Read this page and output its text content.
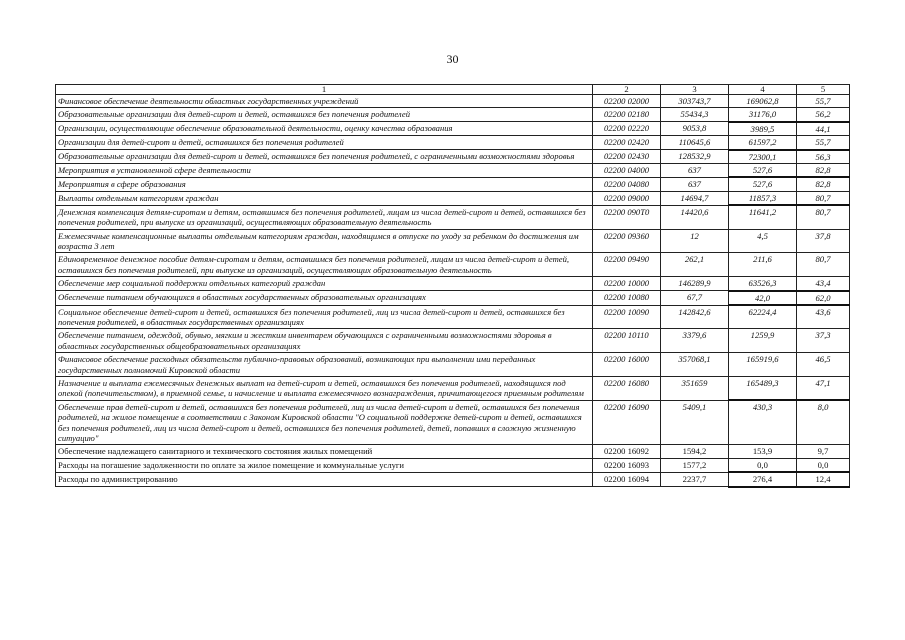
30
1	2	3	4	5
Финансовое обеспечение деятельности областных государственных учреждений	02200 02000	303743,7	169062,8	55,7
Образовательные организации для детей-сирот и детей, оставшихся без попечения родителей	02200 02180	55434,3	31176,0	56,2
Организации, осуществляющие обеспечение образовательной деятельности, оценку качества образования	02200 02220	9053,8	3989,5	44,1
Организации для детей-сирот и детей, оставшихся без попечения родителей	02200 02420	110645,6	61597,2	55,7
Образовательные организации для детей-сирот и детей, оставшихся без попечения родителей, с ограниченными возможностями здоровья	02200 02430	128532,9	72300,1	56,3
Мероприятия в установленной сфере деятельности	02200 04000	637	527,6	82,8
Мероприятия в сфере образования	02200 04080	637	527,6	82,8
Выплаты отдельным категориям граждан	02200 09000	14694,7	11857,3	80,7
Денежная компенсация детям-сиротам и детям, оставшимся без попечения родителей, лицам из числа детей-сирот и детей, оставшихся без попечения родителей, при выпуске из организаций, осуществляющих образовательную деятельность	02200 090Т0	14420,6	11641,2	80,7
Ежемесячные компенсационные выплаты отдельным категориям граждан, находящимся в отпуске по уходу за ребенком до достижения им возраста 3 лет	02200 09360	12	4,5	37,8
Единовременное денежное пособие детям-сиротам и детям, оставшимся без попечения родителей, лицам из числа детей-сирот и детей, оставшихся без попечения родителей, при выпуске из организаций, осуществляющих образовательную деятельность	02200 09490	262,1	211,6	80,7
Обеспечение мер социальной поддержки отдельных категорий граждан	02200 10000	146289,9	63526,3	43,4
Обеспечение питанием обучающихся в областных государственных образовательных организациях	02200 10080	67,7	42,0	62,0
Социальное обеспечение детей-сирот и детей, оставшихся без попечения родителей, лиц из числа детей-сирот и детей, оставшихся без попечения родителей, в областных государственных организациях	02200 10090	142842,6	62224,4	43,6
Обеспечение питанием, одеждой, обувью, мягким и жестким инвентарем обучающихся с ограниченными возможностями здоровья в областных государственных общеобразовательных организациях	02200 10110	3379,6	1259,9	37,3
Финансовое обеспечение расходных обязательств публично-правовых образований, возникающих при выполнении ими переданных государственных полномочий Кировской области	02200 16000	357068,1	165919,6	46,5
Назначение и выплата ежемесячных денежных выплат на детей-сирот и детей, оставшихся без попечения родителей, находящихся под опекой (попечительством), в приемной семье, и начисление и выплата ежемесячного вознаграждения, причитающегося приемным родителям	02200 16080	351659	165489,3	47,1
Обеспечение прав детей-сирот и детей, оставшихся без попечения родителей, лиц из числа детей-сирот и детей, оставшихся без попечения родителей, на жилое помещение в соответствии с Законом Кировской области "О социальной поддержке детей-сирот и детей, оставшихся без попечения родителей, лиц из числа детей-сирот и детей, оставшихся без попечения родителей, детей, попавших в сложную жизненную ситуацию"	02200 16090	5409,1	430,3	8,0
Обеспечение надлежащего санитарного и технического состояния жилых помещений	02200 16092	1594,2	153,9	9,7
Расходы на погашение задолженности по оплате за жилое помещение и коммунальные услуги	02200 16093	1577,2	0,0	0,0
Расходы по администрированию	02200 16094	2237,7	276,4	12,4
